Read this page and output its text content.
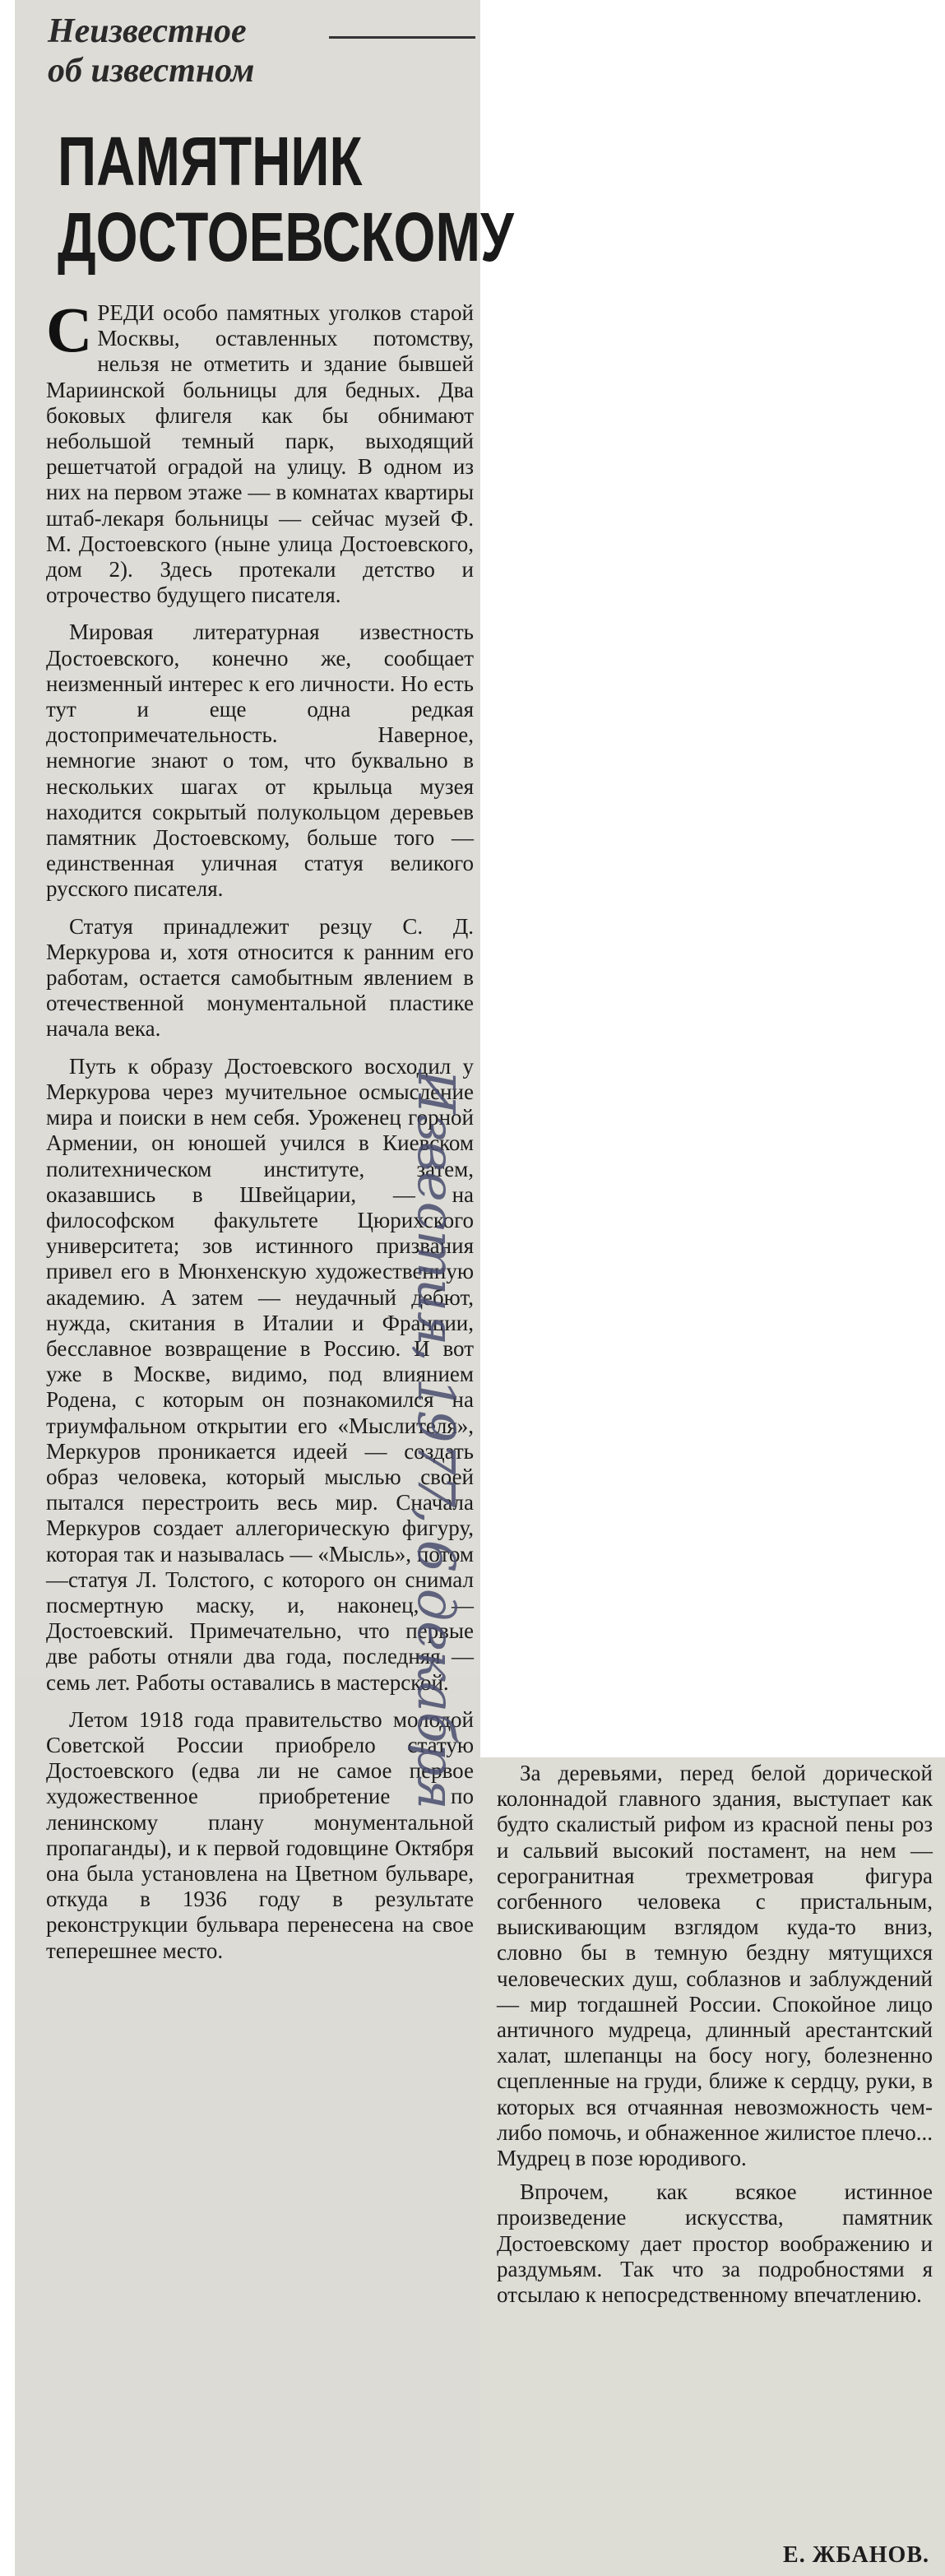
Неизвестное
об известном
ПАМЯТНИК
ДОСТОЕВСКОМУ

С РЕДИ особо памятных уголков старой Москвы, оставленных потомству, нельзя не отметить и здание бывшей Мариинской больницы для бедных. Два боковых флигеля как бы обнимают небольшой темный парк, выходящий решетчатой оградой на улицу. В одном из них на первом этаже — в комнатах квартиры штаб-лекаря больницы — сейчас музей Ф. М. Достоевского (ныне улица Достоевского, дом 2). Здесь протекали детство и отрочество будущего писателя.

Мировая литературная известность Достоевского, конечно же, сообщает неизменный интерес к его личности. Но есть тут и еще одна редкая достопримечательность. Наверное, немногие знают о том, что буквально в нескольких шагах от крыльца музея находится сокрытый полукольцом деревьев памятник Достоевскому, больше того — единственная уличная статуя великого русского писателя.

Статуя принадлежит резцу С. Д. Меркурова и, хотя относится к ранним его работам, остается самобытным явлением в отечественной монументальной пластике начала века.

Путь к образу Достоевского восходил у Меркурова через мучительное осмысление мира и поиски в нем себя. Уроженец горной Армении, он юношей учился в Киевском политехническом институте, затем, оказавшись в Швейцарии, — на философском факультете Цюрихского университета; зов истинного призвания привел его в Мюнхенскую художественную академию. А затем — неудачный дебют, нужда, скитания в Италии и Франции, бесславное возвращение в Россию. И вот уже в Москве, видимо, под влиянием Родена, с которым он познакомился на триумфальном открытии его «Мыслителя», Меркуров проникается идеей — создать образ человека, который мыслью своей пытался перестроить весь мир. Сначала Меркуров создает аллегорическую фигуру, которая так и называлась — «Мысль», потом—статуя Л. Толстого, с которого он снимал посмертную маску, и, наконец, — Достоевский. Примечательно, что первые две работы отняли два года, последняя — семь лет. Работы оставались в мастерской.

Летом 1918 года правительство молодой Советской России приобрело статую Достоевского (едва ли не самое первое художественное приобретение по ленинскому плану монументальной пропаганды), и к первой годовщине Октября она была установлена на Цветном бульваре, откуда в 1936 году в результате реконструкции бульвара перенесена на свое теперешнее место.

За деревьями, перед белой дорической колоннадой главного здания, выступает как будто скалистый рифом из красной пены роз и сальвий высокий постамент, на нем — серогранитная трехметровая фигура согбенного человека с пристальным, выискивающим взглядом куда-то вниз, словно бы в темную бездну мятущихся человеческих душ, соблазнов и заблуждений — мир тогдашней России. Спокойное лицо античного мудреца, длинный арестантский халат, шлепанцы на босу ногу, болезненно сцепленные на груди, ближе к сердцу, руки, в которых вся отчаянная невозможность чем-либо помочь, и обнаженное жилистое плечо... Мудрец в позе юродивого.

Впрочем, как всякое истинное произведение искусства, памятник Достоевскому дает простор воображению и раздумьям. Так что за подробностями я отсылаю к непосредственному впечатлению.

Е. ЖБАНОВ.
Известия, 1977, 6 декабря
